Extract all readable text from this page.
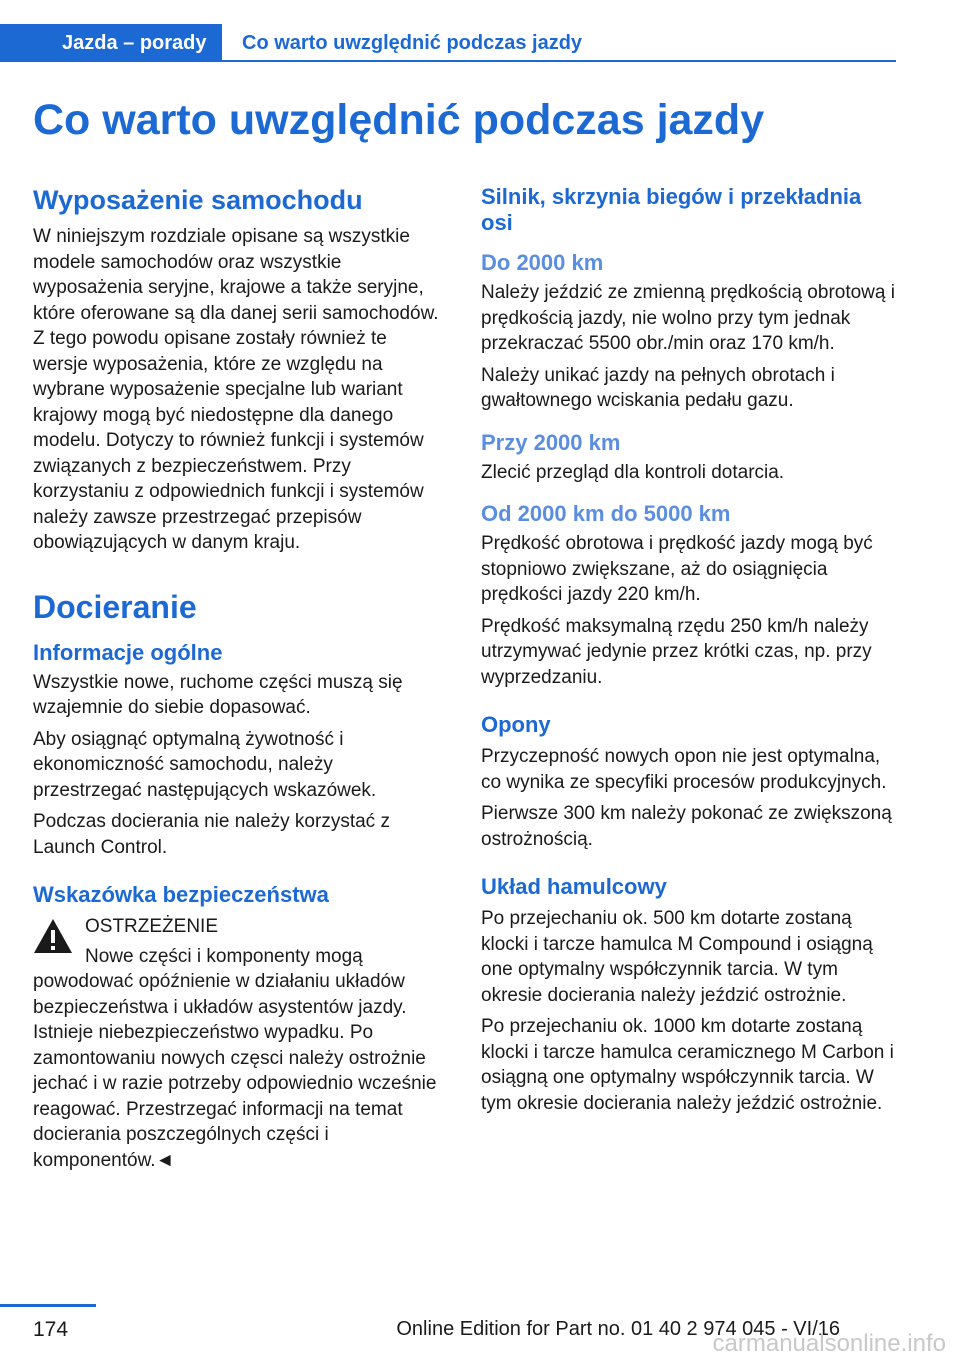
Jazda – porady	Co warto uwzględnić podczas jazdy
Co warto uwzględnić podczas jazdy
Wyposażenie samochodu

W niniejszym rozdziale opisane są wszystkie modele samochodów oraz wszystkie wyposażenia seryjne, krajowe a także seryjne, które oferowane są dla danej serii samochodów. Z tego powodu opisane zostały również te wersje wyposażenia, które ze względu na wybrane wyposażenie specjalne lub wariant krajowy mogą być niedostępne dla danego modelu. Dotyczy to również funkcji i systemów związanych z bezpieczeństwem. Przy korzystaniu z odpowiednich funkcji i systemów należy zawsze przestrzegać przepisów obowiązujących w danym kraju.

Docieranie
Informacje ogólne

Wszystkie nowe, ruchome części muszą się wzajemnie do siebie dopasować.

Aby osiągnąć optymalną żywotność i ekonomiczność samochodu, należy przestrzegać następujących wskazówek.

Podczas docierania nie należy korzystać z Launch Control.

Wskazówka bezpieczeństwa

OSTRZEŻENIE

Nowe części i komponenty mogą powodować opóźnienie w działaniu układów bezpieczeństwa i układów asystentów jazdy. Istnieje niebezpieczeństwo wypadku. Po zamontowaniu nowych częsci należy ostrożnie jechać i w razie potrzeby odpowiednio wcześnie reagować. Przestrzegać informacji na temat docierania poszczególnych części i komponentów.◄

Silnik, skrzynia biegów i przekładnia osi
Do 2000 km

Należy jeździć ze zmienną prędkością obrotową i prędkością jazdy, nie wolno przy tym jednak przekraczać 5500 obr./min oraz 170 km/h.

Należy unikać jazdy na pełnych obrotach i gwałtownego wciskania pedału gazu.

Przy 2000 km

Zlecić przegląd dla kontroli dotarcia.

Od 2000 km do 5000 km

Prędkość obrotowa i prędkość jazdy mogą być stopniowo zwiększane, aż do osiągnięcia prędkości jazdy 220 km/h.

Prędkość maksymalną rzędu 250 km/h należy utrzymywać jedynie przez krótki czas, np. przy wyprzedzaniu.

Opony

Przyczepność nowych opon nie jest optymalna, co wynika ze specyfiki procesów produkcyjnych.

Pierwsze 300 km należy pokonać ze zwiększoną ostrożnością.

Układ hamulcowy

Po przejechaniu ok. 500 km dotarte zostaną klocki i tarcze hamulca M Compound i osiągną one optymalny współczynnik tarcia. W tym okresie docierania należy jeździć ostrożnie.

Po przejechaniu ok. 1000 km dotarte zostaną klocki i tarcze hamulca ceramicznego M Carbon i osiągną one optymalny współczynnik tarcia. W tym okresie docierania należy jeździć ostrożnie.

174	Online Edition for Part no. 01 40 2 974 045 - VI/16
carmanualsonline.info
